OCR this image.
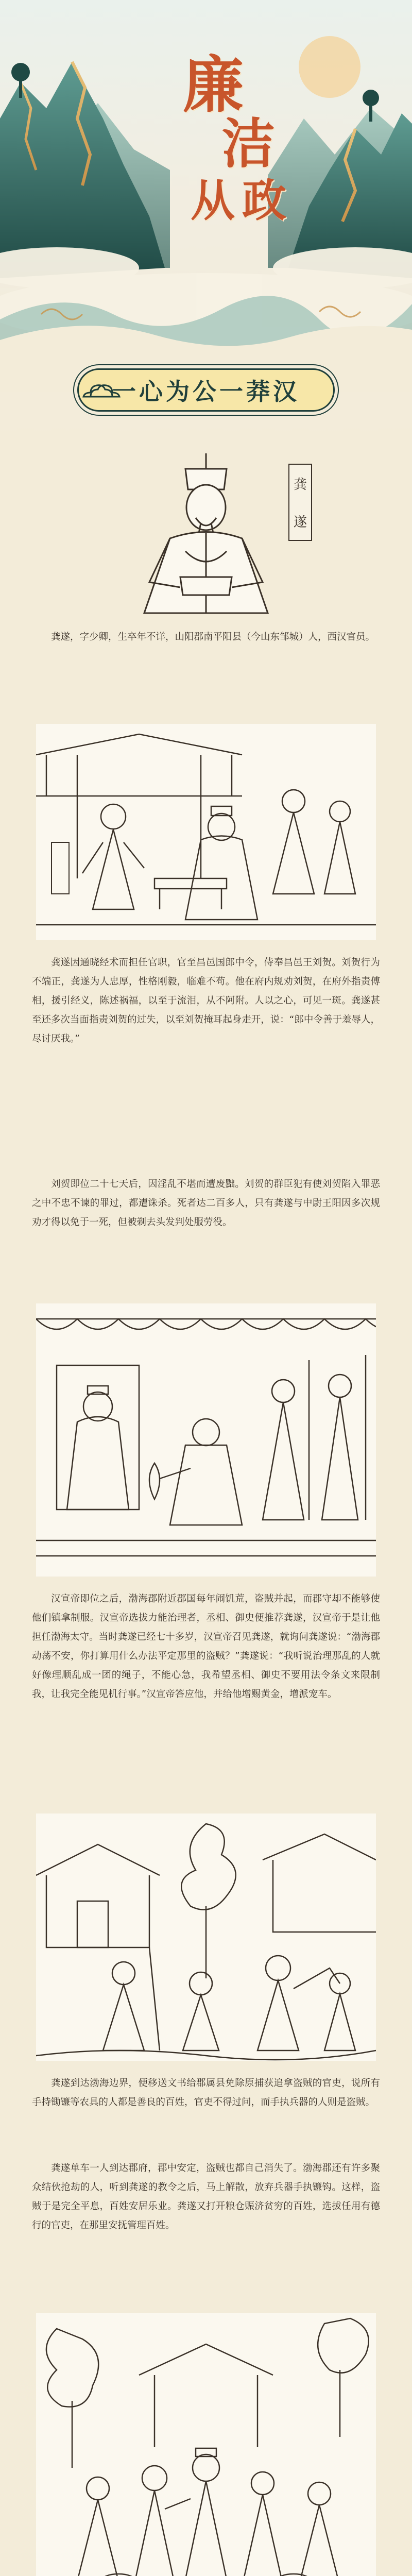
廉
洁
从 政
一心为公一莽汉
龚
遂

龚遂，字少卿，生卒年不详，山阳郡南平阳县（今山东邹城）人，西汉官员。

龚遂因通晓经术而担任官职，官至昌邑国郎中令，侍奉昌邑王刘贺。刘贺行为不端正，龚遂为人忠厚，性格刚毅，临难不苟。他在府内规劝刘贺，在府外指责傅相，援引经义，陈述祸福，以至于流泪，从不阿附。人以之心，可见一斑。龚遂甚至还多次当面指责刘贺的过失，以至刘贺掩耳起身走开，说：“郎中令善于羞辱人，尽讨厌我。”

刘贺即位二十七天后，因淫乱不堪而遭废黜。刘贺的群臣犯有使刘贺陷入罪恶之中不忠不谏的罪过，都遭诛杀。死者达二百多人，只有龚遂与中尉王阳因多次规劝才得以免于一死，但被剃去头发判处服劳役。

汉宣帝即位之后，渤海郡附近郡国每年闹饥荒，盗贼并起，而郡守却不能够使他们镇拿制服。汉宣帝选拔力能治理者，丞相、御史便推荐龚遂，汉宣帝于是让他担任渤海太守。当时龚遂已经七十多岁，汉宣帝召见龚遂，就询问龚遂说：“渤海郡动荡不安，你打算用什么办法平定那里的盗贼？”龚遂说：“我听说治理那乱的人就好像理顺乱成一团的绳子，不能心急，我希望丞相、御史不要用法令条文来限制我，让我完全能见机行事。”汉宣帝答应他，并给他增赐黄金，增派宠车。

龚遂到达渤海边界，便移送文书给郡属县免除原捕获追拿盗贼的官吏，说所有手持锄镰等农具的人都是善良的百姓，官吏不得过问，而手执兵器的人则是盗贼。

龚遂单车一人到达郡府，郡中安定，盗贼也都自己消失了。渤海郡还有许多聚众结伙抢劫的人，听到龚遂的教令之后，马上解散，放弃兵器手执镰钩。这样，盗贼于是完全平息，百姓安居乐业。龚遂又打开粮仓赈济贫穷的百姓，选拔任用有德行的官吏，在那里安抚管理百姓。
